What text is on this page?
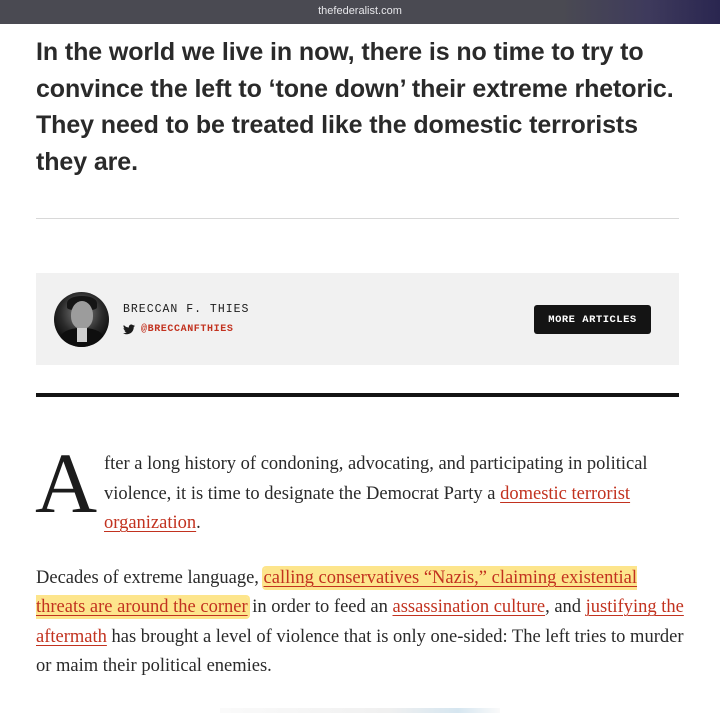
thefederalist.com
In the world we live in now, there is no time to try to convince the left to ‘tone down’ their extreme rhetoric. They need to be treated like the domestic terrorists they are.
BRECCAN F. THIES
@BRECCANFTHIES
MORE ARTICLES
A fter a long history of condoning, advocating, and participating in political violence, it is time to designate the Democrat Party a domestic terrorist organization.

Decades of extreme language, calling conservatives “Nazis,” claiming existential threats are around the corner in order to feed an assassination culture, and justifying the aftermath has brought a level of violence that is only one-sided: The left tries to murder or maim their political enemies.
